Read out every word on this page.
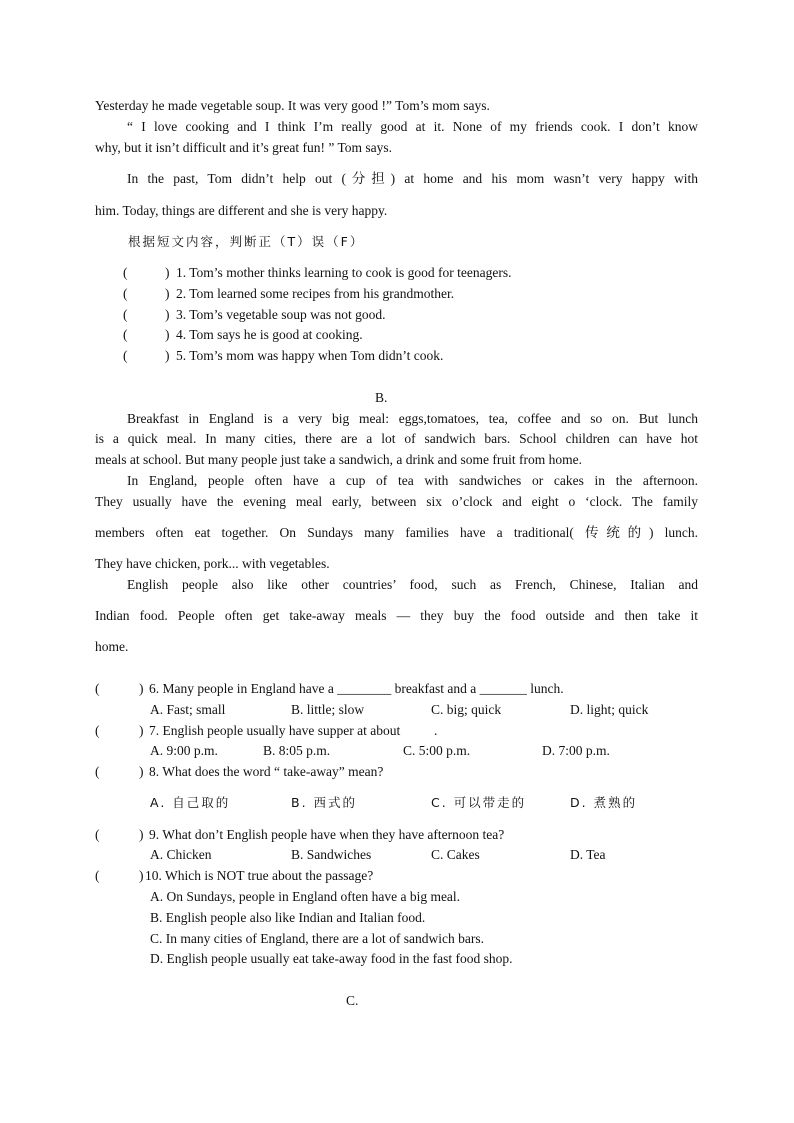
Yesterday he made vegetable soup. It was very good !” Tom’s mom says.
“ I love cooking and I think I’m really good at it. None of my friends cook. I don’t know
why, but it isn’t difficult and it’s great fun! ” Tom says.
In the past, Tom didn’t help out (分担) at home and his mom wasn’t very happy with
him. Today, things are different and she is very happy.
根据短文内容，判断正（T）误（F）
(	) 1. Tom’s mother thinks learning to cook is good for teenagers.
(	) 2. Tom learned some recipes from his grandmother.
(	) 3. Tom’s vegetable soup was not good.
(	) 4. Tom says he is good at cooking.
(	) 5. Tom’s mom was happy when Tom didn’t cook.
B.
Breakfast in England is a very big meal: eggs,tomatoes, tea, coffee and so on. But lunch
is a quick meal. In many cities, there are a lot of sandwich bars. School children can have hot
meals at school. But many people just take a sandwich, a drink and some fruit from home.
In England, people often have a cup of tea with sandwiches or cakes in the afternoon.
They usually have the evening meal early, between six o’clock and eight o ‘clock. The family
members often eat together. On Sundays many families have a traditional( 传统的) lunch.
They have chicken, pork... with vegetables.
English people also like other countries’ food, such as French, Chinese, Italian and
Indian food. People often get take-away meals — they buy the food outside and then take it
home.
(	) 6. Many people in England have a ________ breakfast and a _______ lunch.
A. Fast; small	B. little; slow	C. big; quick	D. light; quick
(	) 7. English people usually have supper at about          .
A. 9:00 p.m.	B. 8:05 p.m.	C. 5:00 p.m.	D. 7:00 p.m.
(	) 8. What does the word “ take-away” mean?
A. 自己取的	B. 西式的	C. 可以带走的	D. 煮熟的
(	) 9. What don’t English people have when they have afternoon tea?
A. Chicken	B. Sandwiches	C. Cakes	D. Tea
(	) 10. Which is NOT true about the passage?
A. On Sundays, people in England often have a big meal.
B. English people also like Indian and Italian food.
C. In many cities of England, there are a lot of sandwich bars.
D. English people usually eat take-away food in the fast food shop.
C.
